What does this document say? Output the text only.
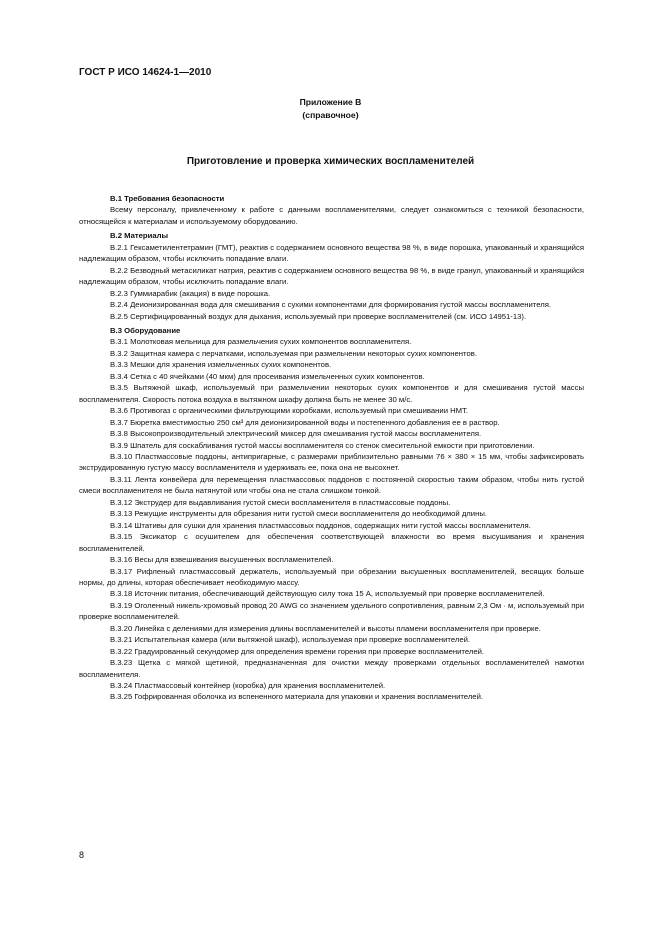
ГОСТ Р ИСО 14624-1—2010
Приложение В
(справочное)
Приготовление и проверка химических воспламенителей

В.1 Требования безопасности

Всему персоналу, привлеченному к работе с данными воспламенителями, следует ознакомиться с техникой безопасности, относящейся к материалам и используемому оборудованию.

В.2 Материалы

В.2.1 Гексаметилентетрамин (ГМТ), реактив с содержанием основного вещества 98 %, в виде порошка, упакованный и хранящийся надлежащим образом, чтобы исключить попадание влаги.

В.2.2 Безводный метасиликат натрия, реактив с содержанием основного вещества 98 %, в виде гранул, упакованный и хранящийся надлежащим образом, чтобы исключить попадание влаги.

В.2.3 Гуммиарабик (акация) в виде порошка.

В.2.4 Деионизированная вода для смешивания с сухими компонентами для формирования густой массы воспламенителя.

В.2.5 Сертифицированный воздух для дыхания, используемый при проверке воспламенителей (см. ИСО 14951-13).

В.3 Оборудование

В.3.1 Молотковая мельница для размельчения сухих компонентов воспламенителя.

В.3.2 Защитная камера с перчатками, используемая при размельчении некоторых сухих компонентов.

В.3.3 Мешки для хранения измельченных сухих компонентов.

В.3.4 Сетка с 40 ячейками (40 мкм) для просеивания измельченных сухих компонентов.

В.3.5 Вытяжной шкаф, используемый при размельчении некоторых сухих компонентов и для смешивания густой массы воспламенителя. Скорость потока воздуха в вытяжном шкафу должна быть не менее 30 м/с.

В.3.6 Противогаз с органическими фильтрующими коробками, используемый при смешивании НМТ.

В.3.7 Бюретка вместимостью 250 см³ для деионизированной воды и постепенного добавления ее в раствор.

В.3.8 Высокопроизводительный электрический миксер для смешивания густой массы воспламенителя.

В.3.9 Шпатель для соскабливания густой массы воспламенителя со стенок смесительной емкости при приготовлении.

В.3.10 Пластмассовые поддоны, антипригарные, с размерами приблизительно равными 76 × 380 × 15 мм, чтобы зафиксировать экструдированную густую массу воспламенителя и удерживать ее, пока она не высохнет.

В.3.11 Лента конвейера для перемещения пластмассовых поддонов с постоянной скоростью таким образом, чтобы нить густой смеси воспламенителя не была натянутой или чтобы она не стала слишком тонкой.

В.3.12 Экструдер для выдавливания густой смеси воспламенителя в пластмассовые поддоны.

В.3.13 Режущие инструменты для обрезания нити густой смеси воспламенителя до необходимой длины.

В.3.14 Штативы для сушки для хранения пластмассовых поддонов, содержащих нити густой массы воспламенителя.

В.3.15 Эксикатор с осушителем для обеспечения соответствующей влажности во время высушивания и хранения воспламенителей.

В.3.16 Весы для взвешивания высушенных воспламенителей.

В.3.17 Рифленый пластмассовый держатель, используемый при обрезании высушенных воспламенителей, весящих больше нормы, до длины, которая обеспечивает необходимую массу.

В.3.18 Источник питания, обеспечивающий действующую силу тока 15 А, используемый при проверке воспламенителей.

В.3.19 Оголенный никель-хромовый провод 20 AWG со значением удельного сопротивления, равным 2,3 Ом · м, используемый при проверке воспламенителей.

В.3.20 Линейка с делениями для измерения длины воспламенителей и высоты пламени воспламенителя при проверке.

В.3.21 Испытательная камера (или вытяжной шкаф), используемая при проверке воспламенителей.

В.3.22 Градуированный секундомер для определения времени горения при проверке воспламенителей.

В.3.23 Щетка с мягкой щетиной, предназначенная для очистки между проверками отдельных воспламенителей намотки воспламенителя.

В.3.24 Пластмассовый контейнер (коробка) для хранения воспламенителей.

В.3.25 Гофрированная оболочка из вспененного материала для упаковки и хранения воспламенителей.

8
